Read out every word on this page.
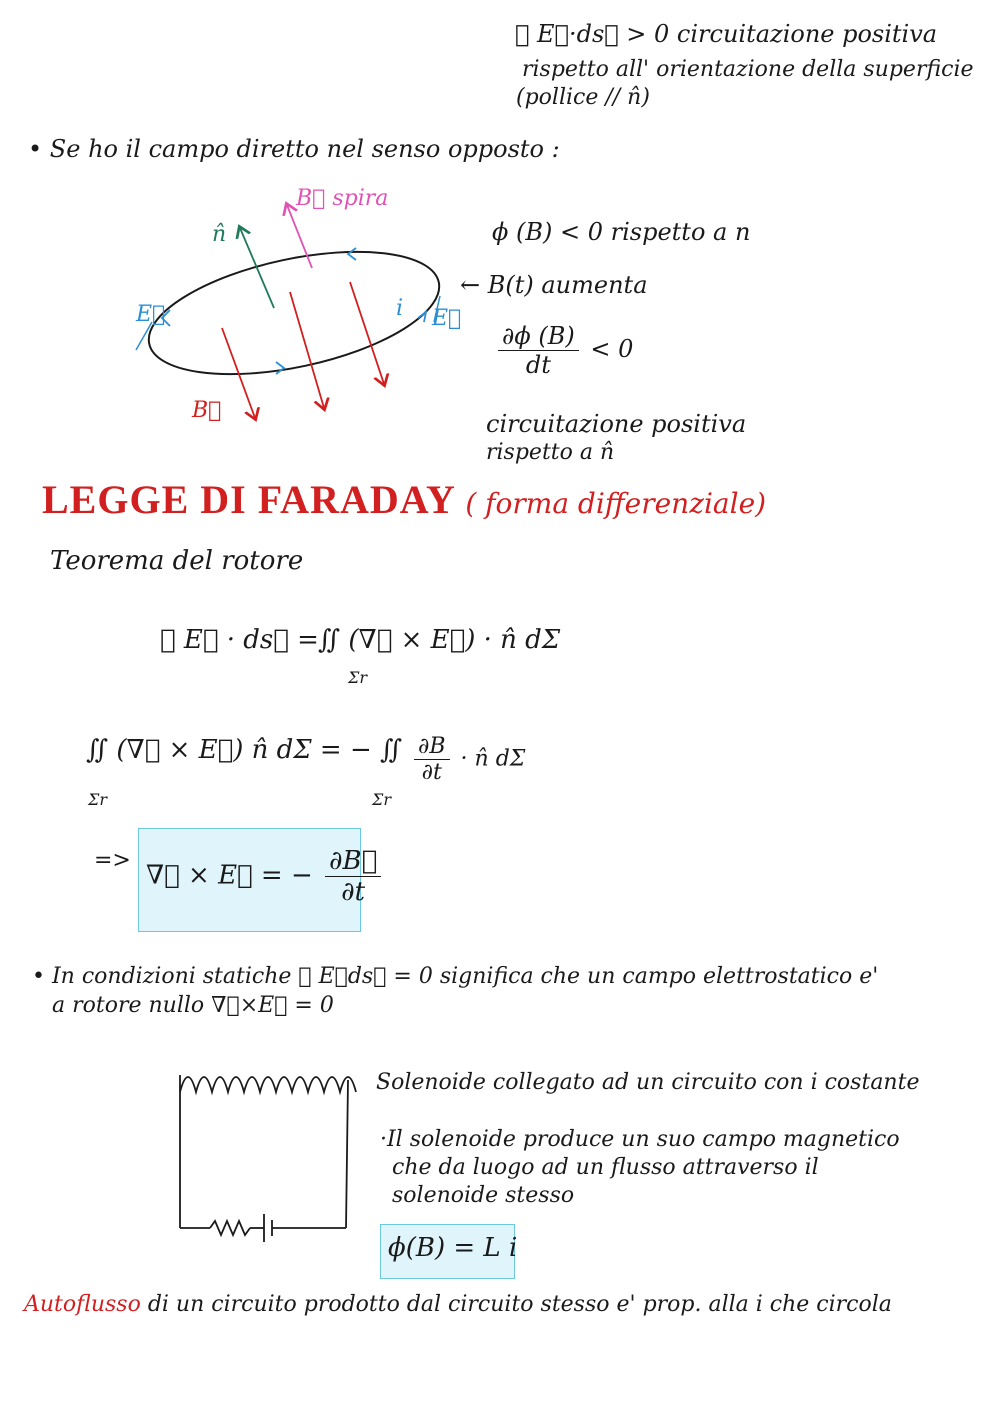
∮ E⃗·ds⃗ > 0 circuitazione positiva
rispetto all' orientazione della superficie
(pollice // n̂)
• Se ho il campo diretto nel senso opposto :
n̂
B⃗ spira
E⃗	E⃗
i
B⃗
ϕ (B) < 0 rispetto a n
← B(t) aumenta
$\frac{\partial\phi (B)}{dt} < 0$
circuitazione positiva
rispetto a n̂
LEGGE DI FARADAY ( forma differenziale)
Teorema del rotore
∮ E⃗ · ds⃗ = ∬ (∇⃗ × E⃗) · n̂ dΣ
Σr
∬ (∇⃗ × E⃗) n̂ dΣ = − ∬
Σr	Σr
$\frac{\partial B}{\partial t}$ · n̂ dΣ
=> ∇⃗ × E⃗ = − $\frac{\partial B⃗}{\partial t}$
• In condizioni statiche ∮ E⃗ds⃗ = 0 significa che un campo elettrostatico e'
a rotore nullo ∇⃗×E⃗ = 0
Solenoide collegato ad un circuito con i costante
·Il solenoide produce un suo campo magnetico
che da luogo ad un flusso attraverso il
solenoide stesso
ϕ(B) = L i
Autoflusso di un circuito prodotto dal circuito stesso e' prop. alla i che circola
